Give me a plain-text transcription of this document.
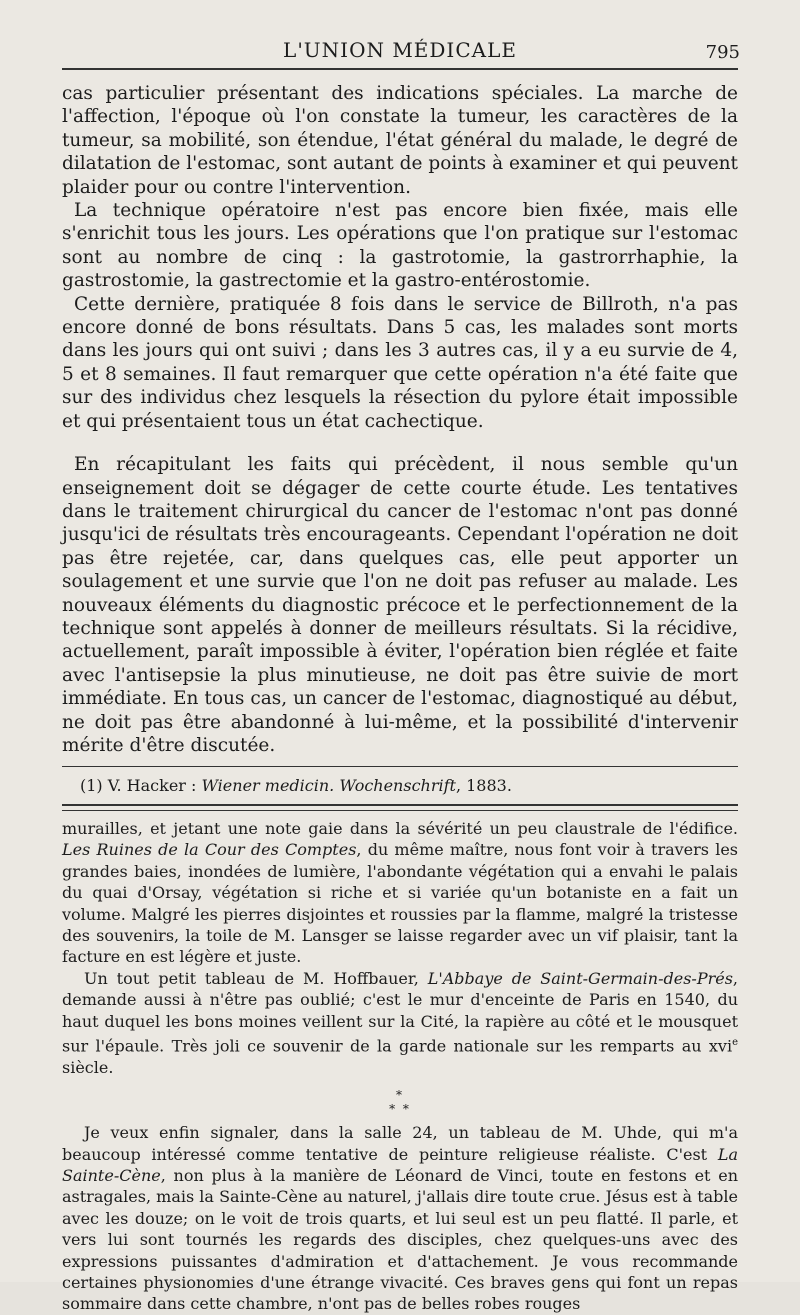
L'UNION MÉDICALE	795

cas particulier présentant des indications spéciales. La marche de l'affection, l'époque où l'on constate la tumeur, les caractères de la tumeur, sa mobilité, son étendue, l'état général du malade, le degré de dilatation de l'estomac, sont autant de points à examiner et qui peuvent plaider pour ou contre l'intervention.

La technique opératoire n'est pas encore bien fixée, mais elle s'enrichit tous les jours. Les opérations que l'on pratique sur l'estomac sont au nombre de cinq : la gastrotomie, la gastrorrhaphie, la gastrostomie, la gastrectomie et la gastro-entérostomie.

Cette dernière, pratiquée 8 fois dans le service de Billroth, n'a pas encore donné de bons résultats. Dans 5 cas, les malades sont morts dans les jours qui ont suivi ; dans les 3 autres cas, il y a eu survie de 4, 5 et 8 semaines. Il faut remarquer que cette opération n'a été faite que sur des individus chez lesquels la résection du pylore était impossible et qui présentaient tous un état cachectique.

En récapitulant les faits qui précèdent, il nous semble qu'un enseignement doit se dégager de cette courte étude. Les tentatives dans le traitement chirurgical du cancer de l'estomac n'ont pas donné jusqu'ici de résultats très encourageants. Cependant l'opération ne doit pas être rejetée, car, dans quelques cas, elle peut apporter un soulagement et une survie que l'on ne doit pas refuser au malade. Les nouveaux éléments du diagnostic précoce et le perfectionnement de la technique sont appelés à donner de meilleurs résultats. Si la récidive, actuellement, paraît impossible à éviter, l'opération bien réglée et faite avec l'antisepsie la plus minutieuse, ne doit pas être suivie de mort immédiate. En tous cas, un cancer de l'estomac, diagnostiqué au début, ne doit pas être abandonné à lui-même, et la possibilité d'intervenir mérite d'être discutée.

(1) V. Hacker : Wiener medicin. Wochenschrift, 1883.

murailles, et jetant une note gaie dans la sévérité un peu claustrale de l'édifice. Les Ruines de la Cour des Comptes, du même maître, nous font voir à travers les grandes baies, inondées de lumière, l'abondante végétation qui a envahi le palais du quai d'Orsay, végétation si riche et si variée qu'un botaniste en a fait un volume. Malgré les pierres disjointes et roussies par la flamme, malgré la tristesse des souvenirs, la toile de M. Lansger se laisse regarder avec un vif plaisir, tant la facture en est légère et juste.

Un tout petit tableau de M. Hoffbauer, L'Abbaye de Saint-Germain-des-Prés, demande aussi à n'être pas oublié; c'est le mur d'enceinte de Paris en 1540, du haut duquel les bons moines veillent sur la Cité, la rapière au côté et le mousquet sur l'épaule. Très joli ce souvenir de la garde nationale sur les remparts au xvi$^e$ siècle.

*
* *

Je veux enfin signaler, dans la salle 24, un tableau de M. Uhde, qui m'a beaucoup intéressé comme tentative de peinture religieuse réaliste. C'est La Sainte-Cène, non plus à la manière de Léonard de Vinci, toute en festons et en astragales, mais la Sainte-Cène au naturel, j'allais dire toute crue. Jésus est à table avec les douze; on le voit de trois quarts, et lui seul est un peu flatté. Il parle, et vers lui sont tournés les regards des disciples, chez quelques-uns avec des expressions puissantes d'admiration et d'attachement. Je vous recommande certaines physionomies d'une étrange vivacité. Ces braves gens qui font un repas sommaire dans cette chambre, n'ont pas de belles robes rouges
